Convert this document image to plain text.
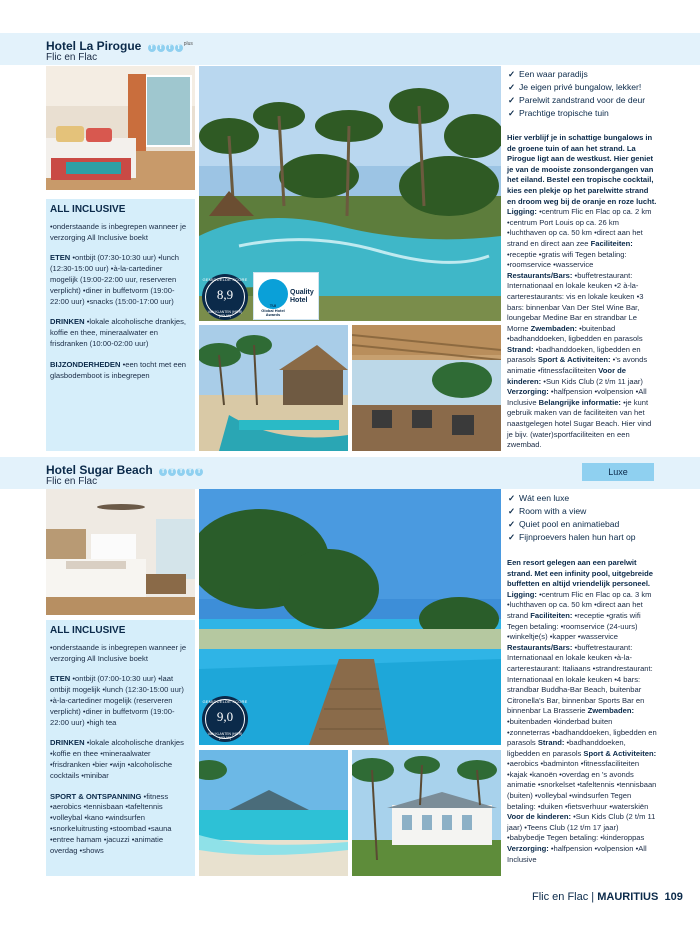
Hotel La Pirogue T T T $T^{plus}$
Flic en Flac
GEMIDDELDE SCORE
8,9
VAN KLANTEN (HIER) (JOUW)
TUI
Global Hotel
Awards
Quality
Hotel
ALL INCLUSIVE

•onderstaande is inbegrepen wanneer je verzorging All Inclusive boekt

ETEN •ontbijt (07:30-10:30 uur) •lunch (12:30-15:00 uur) •à-la-cartediner mogelijk (19:00-22:00 uur, reserveren verplicht) •diner in buffetvorm (19:00-22:00 uur) •snacks (15:00-17:00 uur)

DRINKEN •lokale alcoholische drankjes, koffie en thee, mineraalwater en frisdranken (10:00-02:00 uur)

BIJZONDERHEDEN •een tocht met een glasbodemboot is inbegrepen

✓ Een waar paradijs
✓ Je eigen privé bungalow, lekker!
✓ Parelwit zandstrand voor de deur
✓ Prachtige tropische tuin
Hier verblijf je in schattige bungalows in de groene tuin of aan het strand. La Pirogue ligt aan de westkust. Hier geniet je van de mooiste zonsondergangen van het eiland. Bestel een tropische cocktail, kies een plekje op het parelwitte strand en droom weg bij de oranje en roze lucht. Ligging: •centrum Flic en Flac op ca. 2 km •centrum Port Louis op ca. 26 km •luchthaven op ca. 50 km •direct aan het strand en direct aan zee Faciliteiten: •receptie •gratis wifi Tegen betaling: •roomservice •wasservice Restaurants/Bars: •buffetrestaurant: Internationaal en lokale keuken •2 à-la-carterestaurants: vis en lokale keuken •3 bars: binnenbar Van Der Stel Wine Bar, loungebar Medine Bar en strandbar Le Morne Zwembaden: •buitenbad •badhanddoeken, ligbedden en parasols Strand: •badhanddoeken, ligbedden en parasols Sport & Activiteiten: •'s avonds animatie •fitnessfaciliteiten Voor de kinderen: •Sun Kids Club (2 t/m 11 jaar) Verzorging: •halfpension •volpension •All Inclusive Belangrijke informatie: •je kunt gebruik maken van de faciliteiten van het naastgelegen hotel Sugar Beach. Hier vind je bijv. (water)sportfaciliteiten en een zwembad.
Hotel Sugar Beach T T T T T
Flic en Flac
Luxe
GEMIDDELDE SCORE
9,0
VAN KLANTEN (HIER) (JOUW)
ALL INCLUSIVE

•onderstaande is inbegrepen wanneer je verzorging All Inclusive boekt

ETEN •ontbijt (07:00-10:30 uur) •laat ontbijt mogelijk •lunch (12:30-15:00 uur) •à-la-cartediner mogelijk (reserveren verplicht) •diner in buffetvorm (19:00-22:00 uur) •high tea

DRINKEN •lokale alcoholische drankjes •koffie en thee •mineraalwater •frisdranken •bier •wijn •alcoholische cocktails •minibar

SPORT & ONTSPANNING •fitness •aerobics •tennisbaan •tafeltennis •volleybal •kano •windsurfen •snorkeluitrusting •stoombad •sauna •entree hamam •jacuzzi •animatie overdag •shows

✓ Wát een luxe
✓ Room with a view
✓ Quiet pool en animatiebad
✓ Fijnproevers halen hun hart op
Een resort gelegen aan een parelwit strand. Met een infinity pool, uitgebreide buffetten en altijd vriendelijk personeel. Ligging: •centrum Flic en Flac op ca. 3 km •luchthaven op ca. 50 km •direct aan het strand Faciliteiten: •receptie •gratis wifi Tegen betaling: •roomservice (24-uurs) •winkeltje(s) •kapper •wasservice Restaurants/Bars: •buffetrestaurant: Internationaal en lokale keuken •à-la-carterestaurant: Italiaans •strandrestaurant: Internationaal en lokale keuken •4 bars: strandbar Buddha-Bar Beach, buitenbar Citronella's Bar, binnenbar Sports Bar en binnenbar La Brasserie Zwembaden: •buitenbaden •kinderbad buiten •zonneterras •badhanddoeken, ligbedden en parasols Strand: •badhanddoeken, ligbedden en parasols Sport & Activiteiten: •aerobics •badminton •fitnessfaciliteiten •kajak •kanoën •overdag en 's avonds animatie •snorkelset •tafeltennis •tennisbaan (buiten) •volleybal •windsurfen Tegen betaling: •duiken •fietsverhuur •waterskiën Voor de kinderen: •Sun Kids Club (2 t/m 11 jaar) •Teens Club (12 t/m 17 jaar) •babybedje Tegen betaling: •kinderoppas Verzorging: •halfpension •volpension •All Inclusive
Flic en Flac | MAURITIUS 109
